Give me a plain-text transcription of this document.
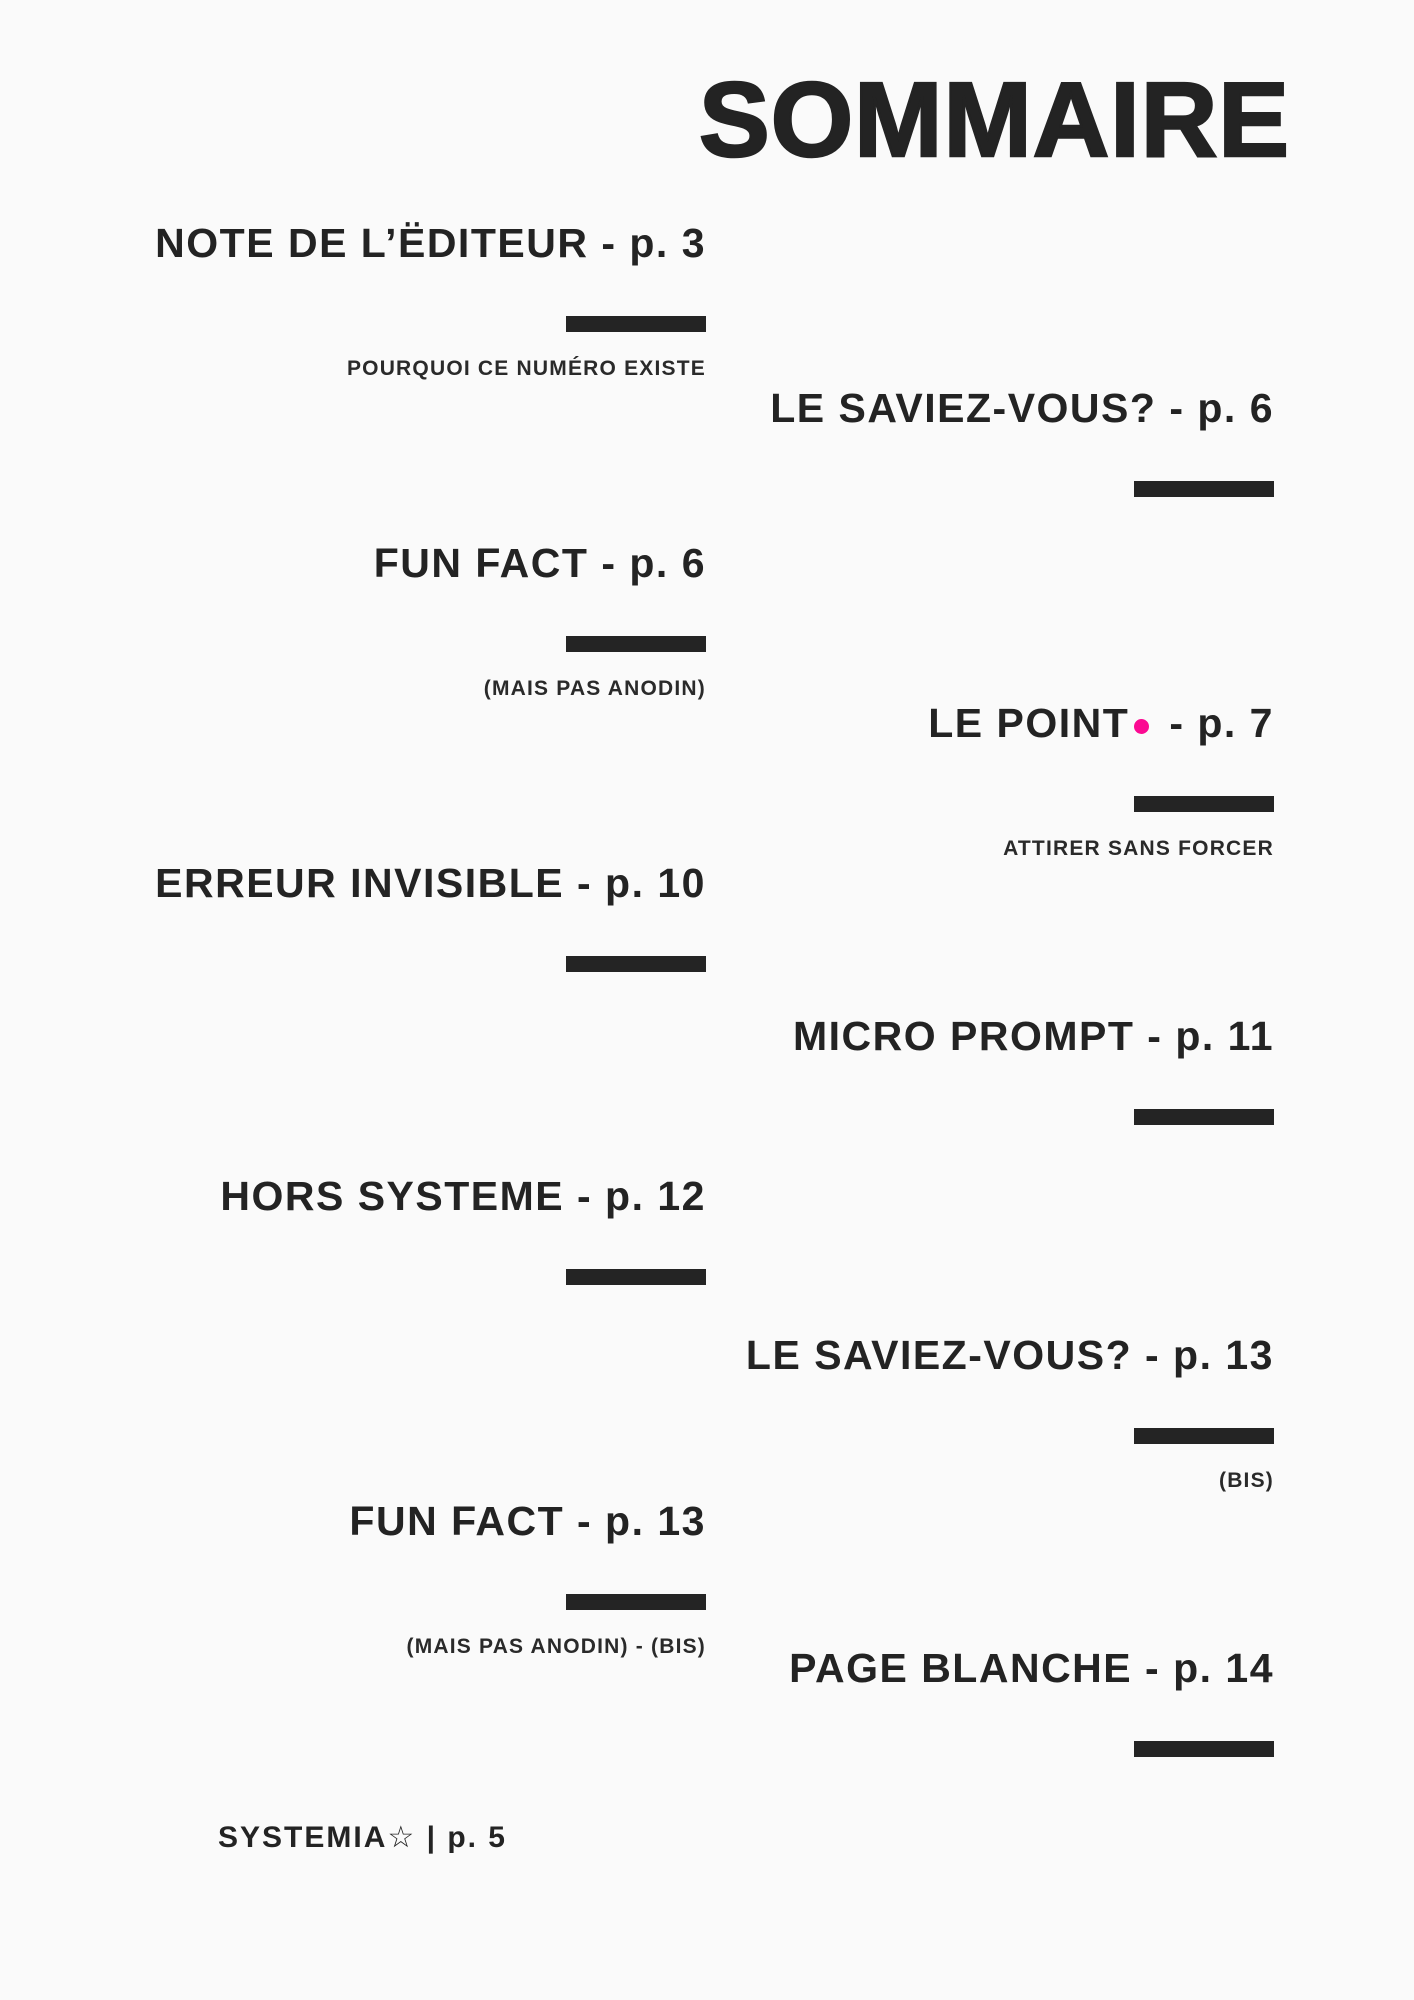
SOMMAIRE
NOTE DE L’ËDITEUR - p. 3
POURQUOI CE NUMÉRO EXISTE
LE SAVIEZ-VOUS? - p. 6
FUN FACT - p. 6
(MAIS PAS ANODIN)
LE POINT - p. 7
ATTIRER SANS FORCER
ERREUR INVISIBLE - p. 10
MICRO PROMPT - p. 11
HORS SYSTEME - p. 12
LE SAVIEZ-VOUS? - p. 13
(BIS)
FUN FACT - p. 13
(MAIS PAS ANODIN) - (BIS) PAGE BLANCHE - p. 14
SYSTEMIA☆ | p. 5
